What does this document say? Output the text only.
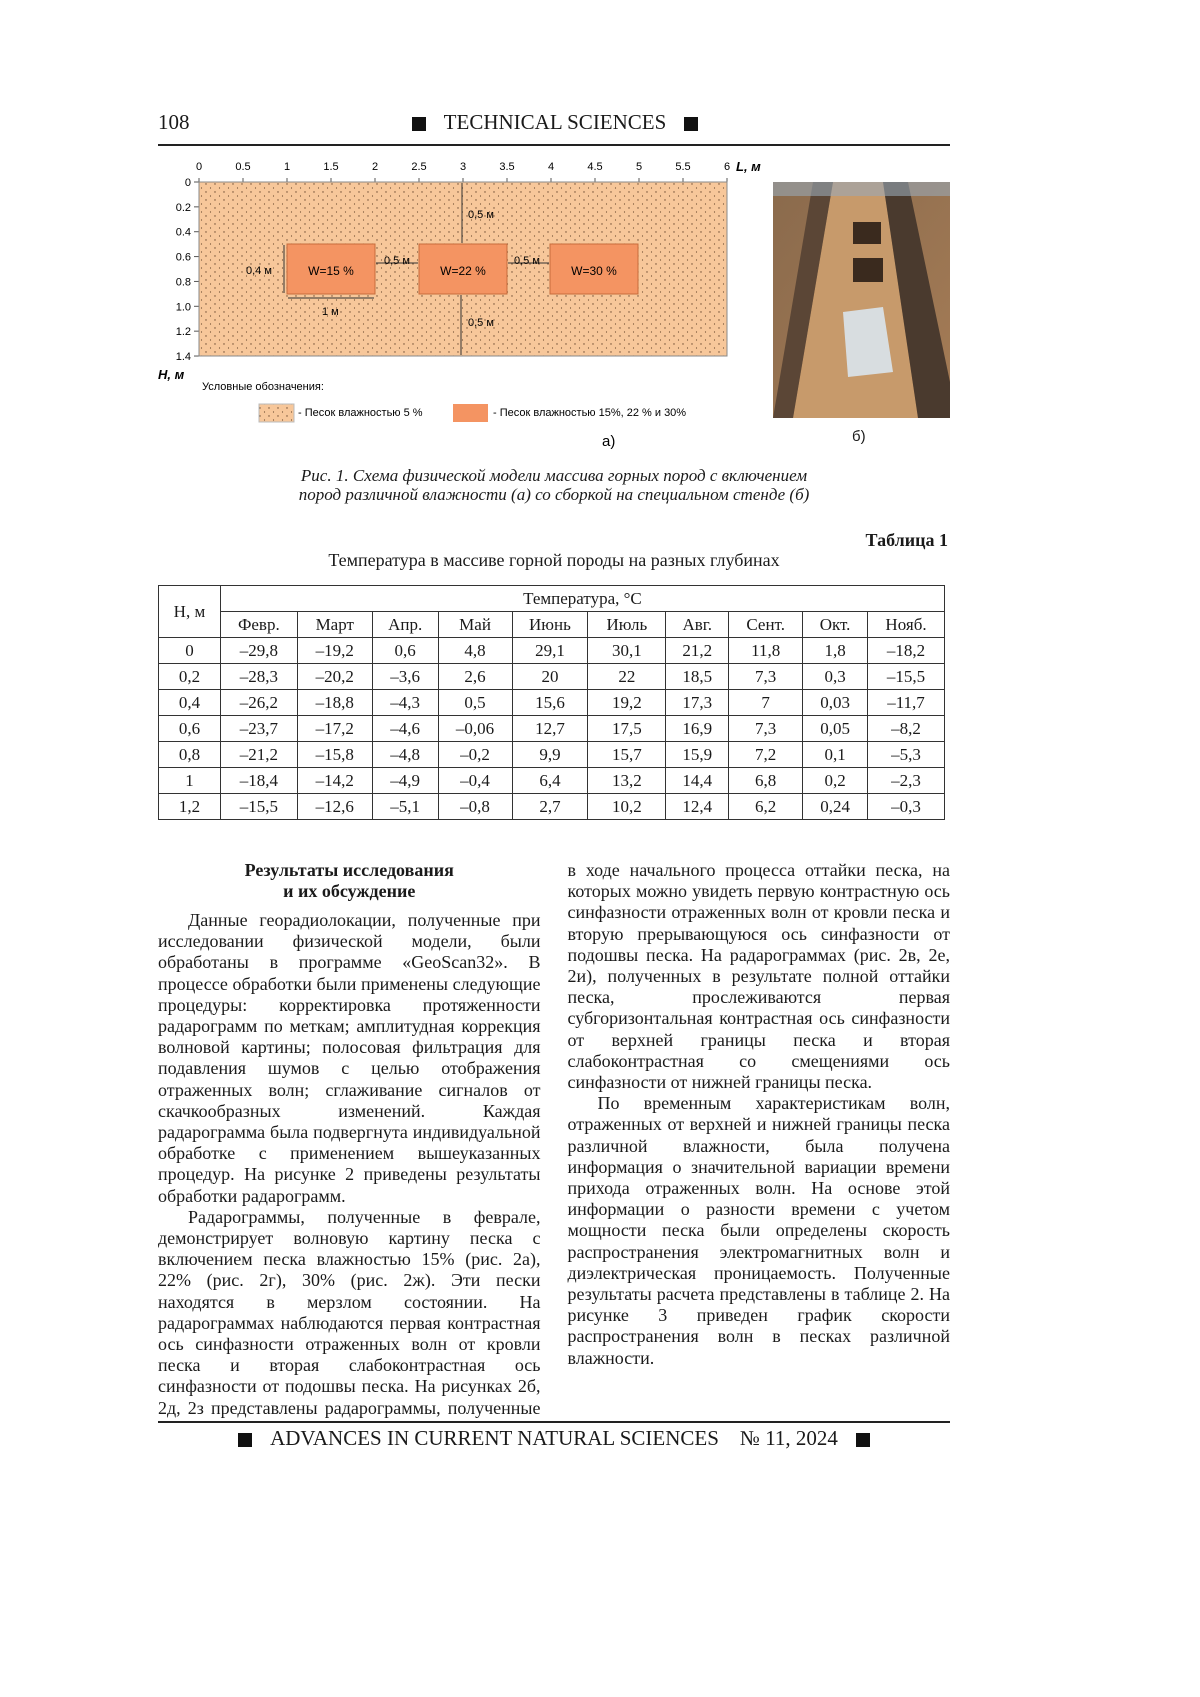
108	TECHNICAL SCIENCES
0	0.5	1	1.5	2	2.5	3	3.5	4	4.5	5	5.5	6
0
0.2
0.4
0.6
0.8
1.0
1.2
1.4
W=15 %	W=22 %	W=30 %
0,5 м
0,5 м
0,5 м	0,5 м
0,4 м
1 м
L, м
H, м
Условные обозначения:
- Песок влажностью 5 %	- Песок влажностью 15%, 22 % и 30%
а)	б)
Рис. 1. Схема физической модели массива горных пород с включением
пород различной влажности (а) со сборкой на специальном стенде (б)
Таблица 1
Температура в массиве горной породы на разных глубинах
Н, м	Температура, °С
Февр.	Март	Апр.	Май	Июнь	Июль	Авг.	Сент.	Окт.	Нояб.
0	–29,8	–19,2	0,6	4,8	29,1	30,1	21,2	11,8	1,8	–18,2
0,2	–28,3	–20,2	–3,6	2,6	20	22	18,5	7,3	0,3	–15,5
0,4	–26,2	–18,8	–4,3	0,5	15,6	19,2	17,3	7	0,03	–11,7
0,6	–23,7	–17,2	–4,6	–0,06	12,7	17,5	16,9	7,3	0,05	–8,2
0,8	–21,2	–15,8	–4,8	–0,2	9,9	15,7	15,9	7,2	0,1	–5,3
1	–18,4	–14,2	–4,9	–0,4	6,4	13,2	14,4	6,8	0,2	–2,3
1,2	–15,5	–12,6	–5,1	–0,8	2,7	10,2	12,4	6,2	0,24	–0,3
Результаты исследования
и их обсуждение

Данные георадиолокации, полученные при исследовании физической модели, были обработаны в программе «GeoScan32». В процессе обработки были применены следующие процедуры: корректировка протяженности радарограмм по меткам; амплитудная коррекция волновой картины; полосовая фильтрация для подавления шумов с целью отображения отраженных волн; сглаживание сигналов от скачкообразных изменений. Каждая радарограмма была подвергнута индивидуальной обработке с применением вышеуказанных процедур. На рисунке 2 приведены результаты обработки радарограмм.

Радарограммы, полученные в феврале, демонстрирует волновую картину песка с включением песка влажностью 15% (рис. 2а), 22% (рис. 2г), 30% (рис. 2ж). Эти пески находятся в мерзлом состоянии. На радарограммах наблюдаются первая контрастная ось синфазности отраженных волн от кровли песка и вторая слабоконтрастная ось синфазности от подошвы песка. На рисунках 2б, 2д, 2з представлены радарограммы, полученные в ходе начального процесса оттайки песка, на которых можно увидеть первую контрастную ось синфазности отраженных волн от кровли песка и вторую прерывающуюся ось синфазности от подошвы песка. На радарограммах (рис. 2в, 2е, 2и), полученных в результате полной оттайки песка, прослеживаются первая субгоризонтальная контрастная ось синфазности от верхней границы песка и вторая слабоконтрастная со смещениями ось синфазности от нижней границы песка.

По временным характеристикам волн, отраженных от верхней и нижней границы песка различной влажности, была получена информация о значительной вариации времени прихода отраженных волн. На основе этой информации о разности времени с учетом мощности песка были определены скорость распространения электромагнитных волн и диэлектрическая проницаемость. Полученные результаты расчета представлены в таблице 2. На рисунке 3 приведен график скорости распространения волн в песках различной влажности.

ADVANCES IN CURRENT NATURAL SCIENCES № 11, 2024
